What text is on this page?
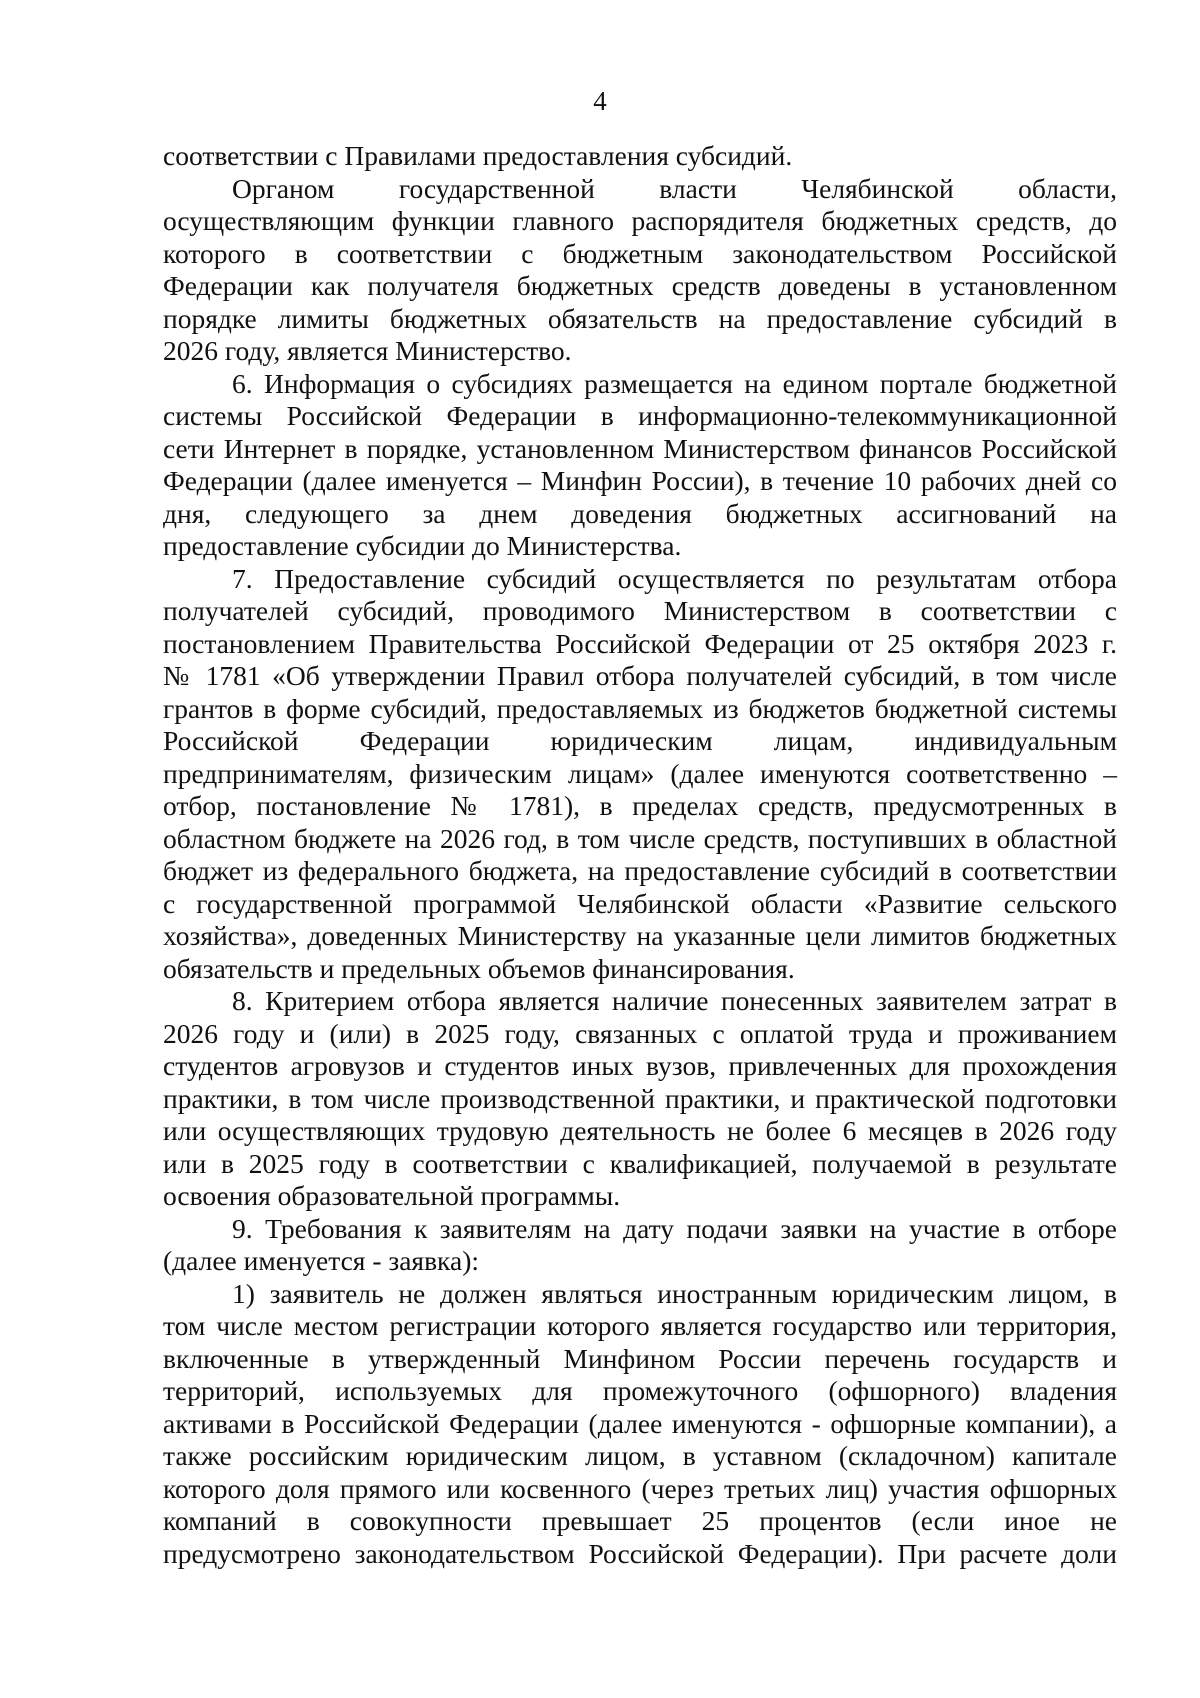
4
соответствии с Правилами предоставления субсидий.
Органом государственной власти Челябинской области,
осуществляющим функции главного распорядителя бюджетных средств, до
которого в соответствии с бюджетным законодательством Российской
Федерации как получателя бюджетных средств доведены в установленном
порядке лимиты бюджетных обязательств на предоставление субсидий в
2026 году, является Министерство.
6. Информация о субсидиях размещается на едином портале бюджетной
системы Российской Федерации в информационно-телекоммуникационной
сети Интернет в порядке, установленном Министерством финансов Российской
Федерации (далее именуется – Минфин России), в течение 10 рабочих дней со
дня, следующего за днем доведения бюджетных ассигнований на
предоставление субсидии до Министерства.
7. Предоставление субсидий осуществляется по результатам отбора
получателей субсидий, проводимого Министерством в соответствии с
постановлением Правительства Российской Федерации от 25 октября 2023 г.
№ 1781 «Об утверждении Правил отбора получателей субсидий, в том числе
грантов в форме субсидий, предоставляемых из бюджетов бюджетной системы
Российской Федерации юридическим лицам, индивидуальным
предпринимателям, физическим лицам» (далее именуются соответственно –
отбор, постановление № 1781), в пределах средств, предусмотренных в
областном бюджете на 2026 год, в том числе средств, поступивших в областной
бюджет из федерального бюджета, на предоставление субсидий в соответствии
с государственной программой Челябинской области «Развитие сельского
хозяйства», доведенных Министерству на указанные цели лимитов бюджетных
обязательств и предельных объемов финансирования.
8. Критерием отбора является наличие понесенных заявителем затрат в
2026 году и (или) в 2025 году, связанных с оплатой труда и проживанием
студентов агровузов и студентов иных вузов, привлеченных для прохождения
практики, в том числе производственной практики, и практической подготовки
или осуществляющих трудовую деятельность не более 6 месяцев в 2026 году
или в 2025 году в соответствии с квалификацией, получаемой в результате
освоения образовательной программы.
9. Требования к заявителям на дату подачи заявки на участие в отборе
(далее именуется - заявка):
1) заявитель не должен являться иностранным юридическим лицом, в
том числе местом регистрации которого является государство или территория,
включенные в утвержденный Минфином России перечень государств и
территорий, используемых для промежуточного (офшорного) владения
активами в Российской Федерации (далее именуются - офшорные компании), а
также российским юридическим лицом, в уставном (складочном) капитале
которого доля прямого или косвенного (через третьих лиц) участия офшорных
компаний в совокупности превышает 25 процентов (если иное не
предусмотрено законодательством Российской Федерации). При расчете доли
